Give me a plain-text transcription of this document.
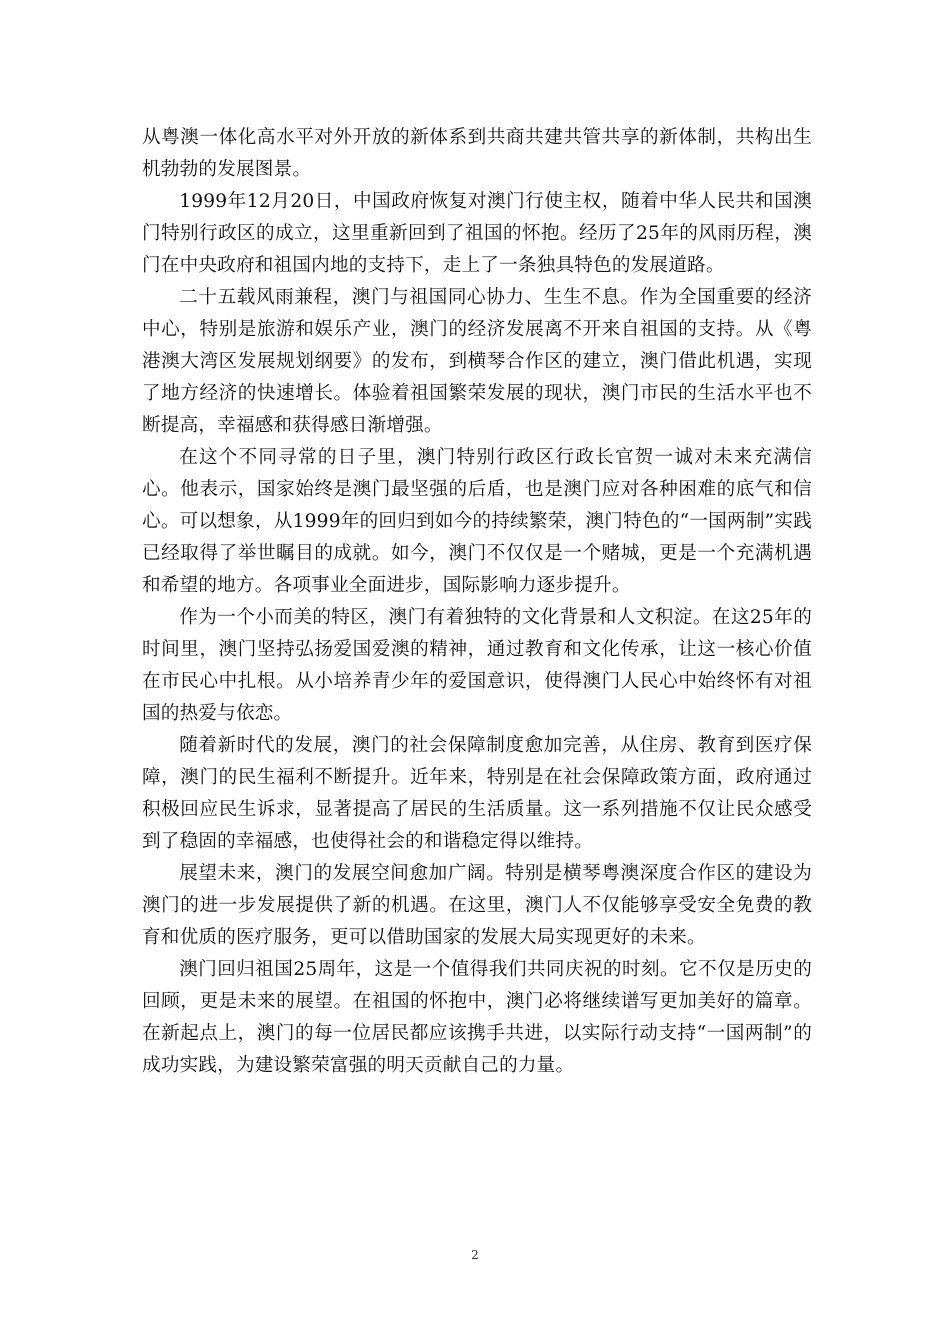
从粤澳一体化高水平对外开放的新体系到共商共建共管共享的新体制，共构出生机勃勃的发展图景。

1999年12月20日，中国政府恢复对澳门行使主权，随着中华人民共和国澳门特别行政区的成立，这里重新回到了祖国的怀抱。经历了25年的风雨历程，澳门在中央政府和祖国内地的支持下，走上了一条独具特色的发展道路。

二十五载风雨兼程，澳门与祖国同心协力、生生不息。作为全国重要的经济中心，特别是旅游和娱乐产业，澳门的经济发展离不开来自祖国的支持。从《粤港澳大湾区发展规划纲要》的发布，到横琴合作区的建立，澳门借此机遇，实现了地方经济的快速增长。体验着祖国繁荣发展的现状，澳门市民的生活水平也不断提高，幸福感和获得感日渐增强。

在这个不同寻常的日子里，澳门特别行政区行政长官贺一诚对未来充满信心。他表示，国家始终是澳门最坚强的后盾，也是澳门应对各种困难的底气和信心。可以想象，从1999年的回归到如今的持续繁荣，澳门特色的“一国两制”实践已经取得了举世瞩目的成就。如今，澳门不仅仅是一个赌城，更是一个充满机遇和希望的地方。各项事业全面进步，国际影响力逐步提升。

作为一个小而美的特区，澳门有着独特的文化背景和人文积淀。在这25年的时间里，澳门坚持弘扬爱国爱澳的精神，通过教育和文化传承，让这一核心价值在市民心中扎根。从小培养青少年的爱国意识，使得澳门人民心中始终怀有对祖国的热爱与依恋。

随着新时代的发展，澳门的社会保障制度愈加完善，从住房、教育到医疗保障，澳门的民生福利不断提升。近年来，特别是在社会保障政策方面，政府通过积极回应民生诉求，显著提高了居民的生活质量。这一系列措施不仅让民众感受到了稳固的幸福感，也使得社会的和谐稳定得以维持。

展望未来，澳门的发展空间愈加广阔。特别是横琴粤澳深度合作区的建设为澳门的进一步发展提供了新的机遇。在这里，澳门人不仅能够享受安全免费的教育和优质的医疗服务，更可以借助国家的发展大局实现更好的未来。

澳门回归祖国25周年，这是一个值得我们共同庆祝的时刻。它不仅是历史的回顾，更是未来的展望。在祖国的怀抱中，澳门必将继续谱写更加美好的篇章。在新起点上，澳门的每一位居民都应该携手共进，以实际行动支持“一国两制”的成功实践，为建设繁荣富强的明天贡献自己的力量。

2
